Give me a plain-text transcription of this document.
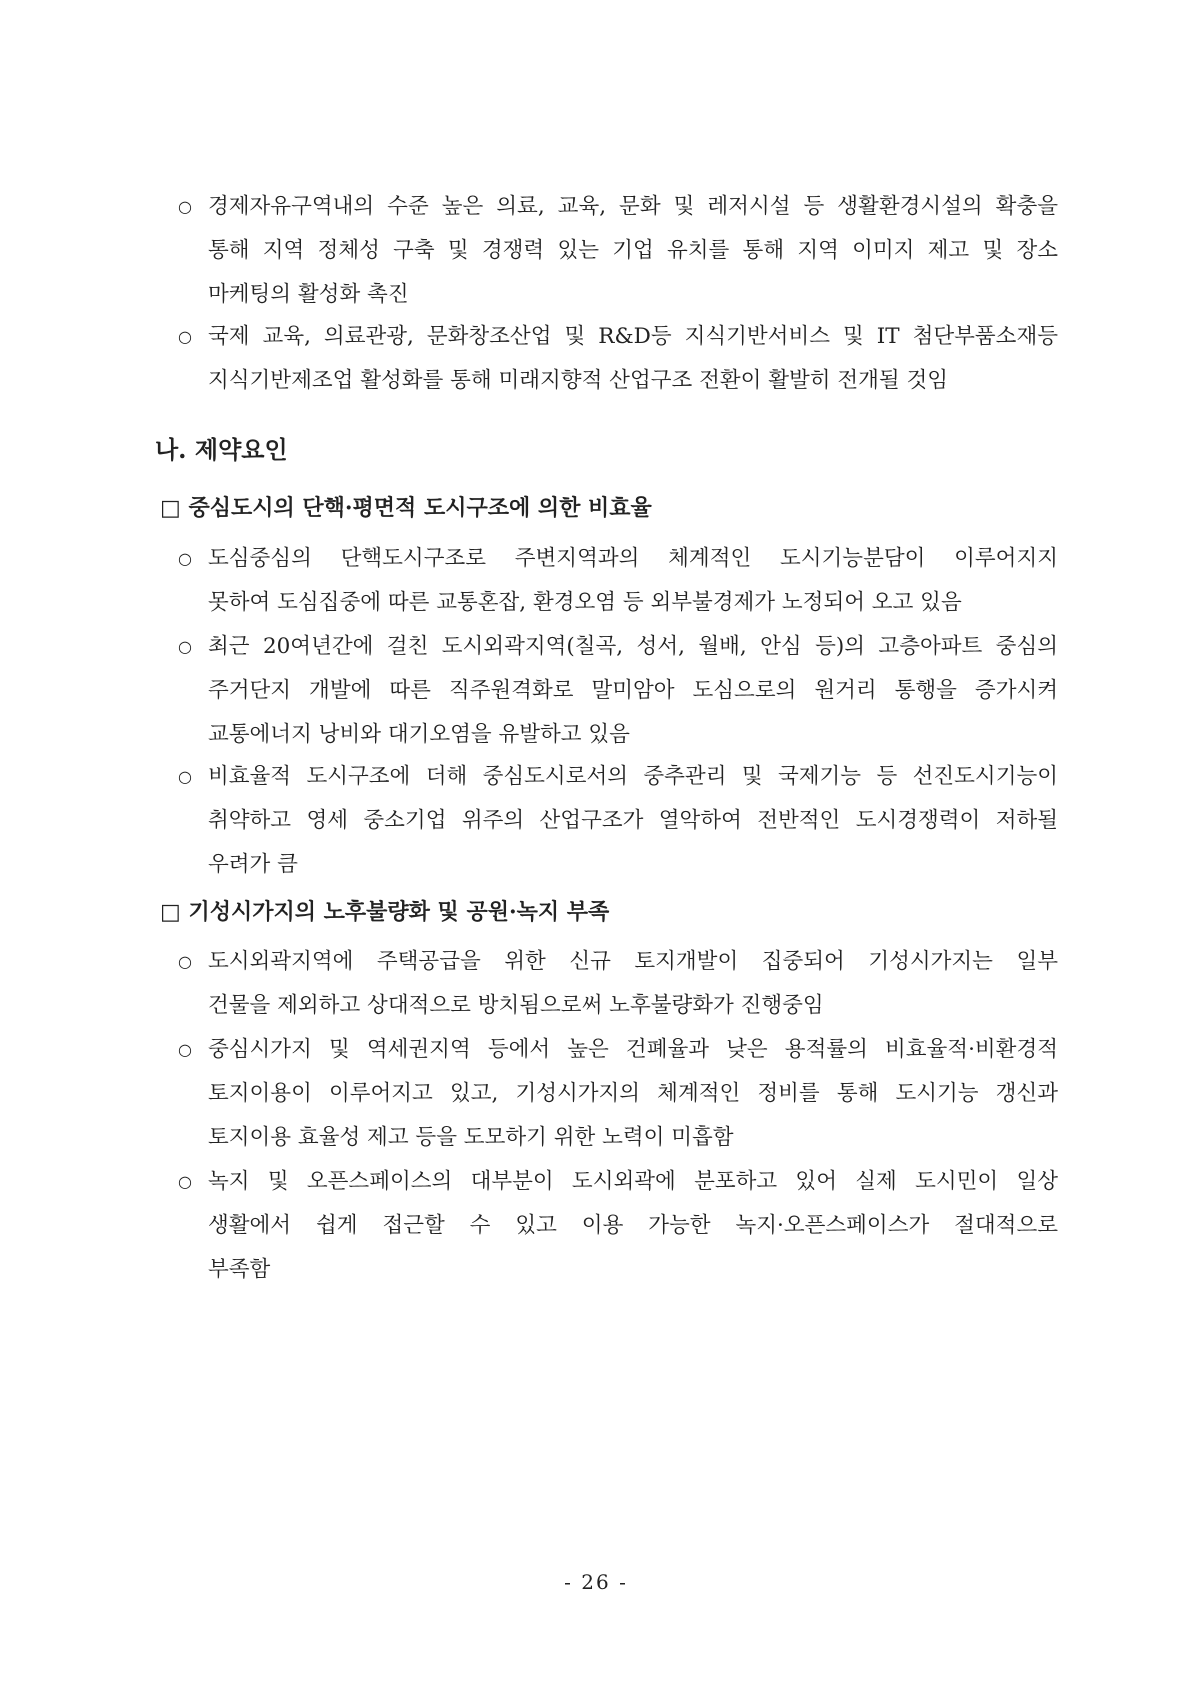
○ 경제자유구역내의 수준 높은 의료, 교육, 문화 및 레저시설 등 생활환경시설의 확충을
통해 지역 정체성 구축 및 경쟁력 있는 기업 유치를 통해 지역 이미지 제고 및 장소
마케팅의 활성화 촉진
○ 국제 교육, 의료관광, 문화창조산업 및 R&D등 지식기반서비스 및 IT 첨단부품소재등
지식기반제조업 활성화를 통해 미래지향적 산업구조 전환이 활발히 전개될 것임
나. 제약요인
□ 중심도시의 단핵·평면적 도시구조에 의한 비효율
○ 도심중심의 단핵도시구조로 주변지역과의 체계적인 도시기능분담이 이루어지지
못하여 도심집중에 따른 교통혼잡, 환경오염 등 외부불경제가 노정되어 오고 있음
○ 최근 20여년간에 걸친 도시외곽지역(칠곡, 성서, 월배, 안심 등)의 고층아파트 중심의
주거단지 개발에 따른 직주원격화로 말미암아 도심으로의 원거리 통행을 증가시켜
교통에너지 낭비와 대기오염을 유발하고 있음
○ 비효율적 도시구조에 더해 중심도시로서의 중추관리 및 국제기능 등 선진도시기능이
취약하고 영세 중소기업 위주의 산업구조가 열악하여 전반적인 도시경쟁력이 저하될
우려가 큼
□ 기성시가지의 노후불량화 및 공원·녹지 부족
○ 도시외곽지역에 주택공급을 위한 신규 토지개발이 집중되어 기성시가지는 일부
건물을 제외하고 상대적으로 방치됨으로써 노후불량화가 진행중임
○ 중심시가지 및 역세권지역 등에서 높은 건폐율과 낮은 용적률의 비효율적·비환경적
토지이용이 이루어지고 있고, 기성시가지의 체계적인 정비를 통해 도시기능 갱신과
토지이용 효율성 제고 등을 도모하기 위한 노력이 미흡함
○ 녹지 및 오픈스페이스의 대부분이 도시외곽에 분포하고 있어 실제 도시민이 일상
생활에서 쉽게 접근할 수 있고 이용 가능한 녹지·오픈스페이스가 절대적으로
부족함
- 26 -
